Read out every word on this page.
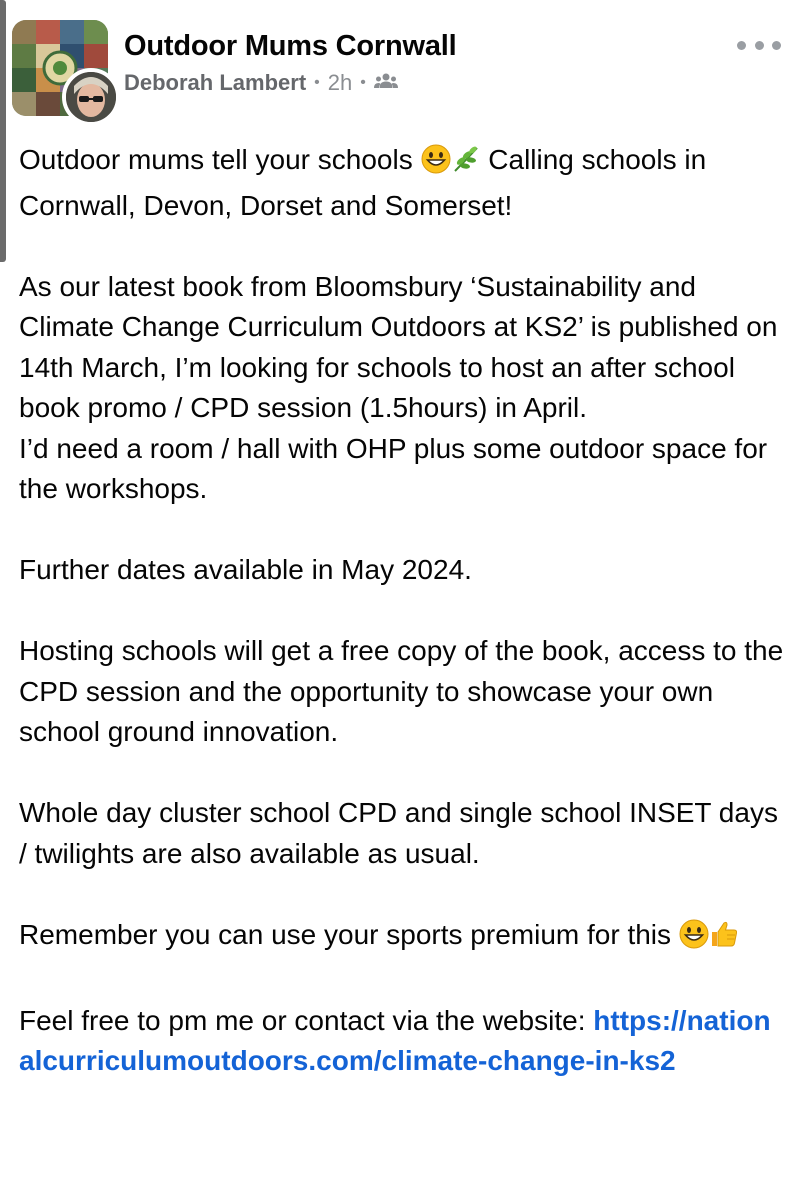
Outdoor Mums Cornwall
Deborah Lambert • 2h •

Outdoor mums tell your schools	Calling schools in Cornwall, Devon, Dorset and Somerset!

As our latest book from Bloomsbury ‘Sustainability and Climate Change Curriculum Outdoors at KS2’ is published on 14th March, I’m looking for schools to host an after school book promo / CPD session (1.5hours) in April.

I’d need a room / hall with OHP plus some outdoor space for the workshops.

Further dates available in May 2024.

Hosting schools will get a free copy of the book, access to the CPD session and the opportunity to showcase your own school ground innovation.

Whole day cluster school CPD and single school INSET days / twilights are also available as usual.

Remember you can use your sports premium for this

Feel free to pm me or contact via the website: https://nationalcurriculumoutdoors.com/climate-change-in-ks2
